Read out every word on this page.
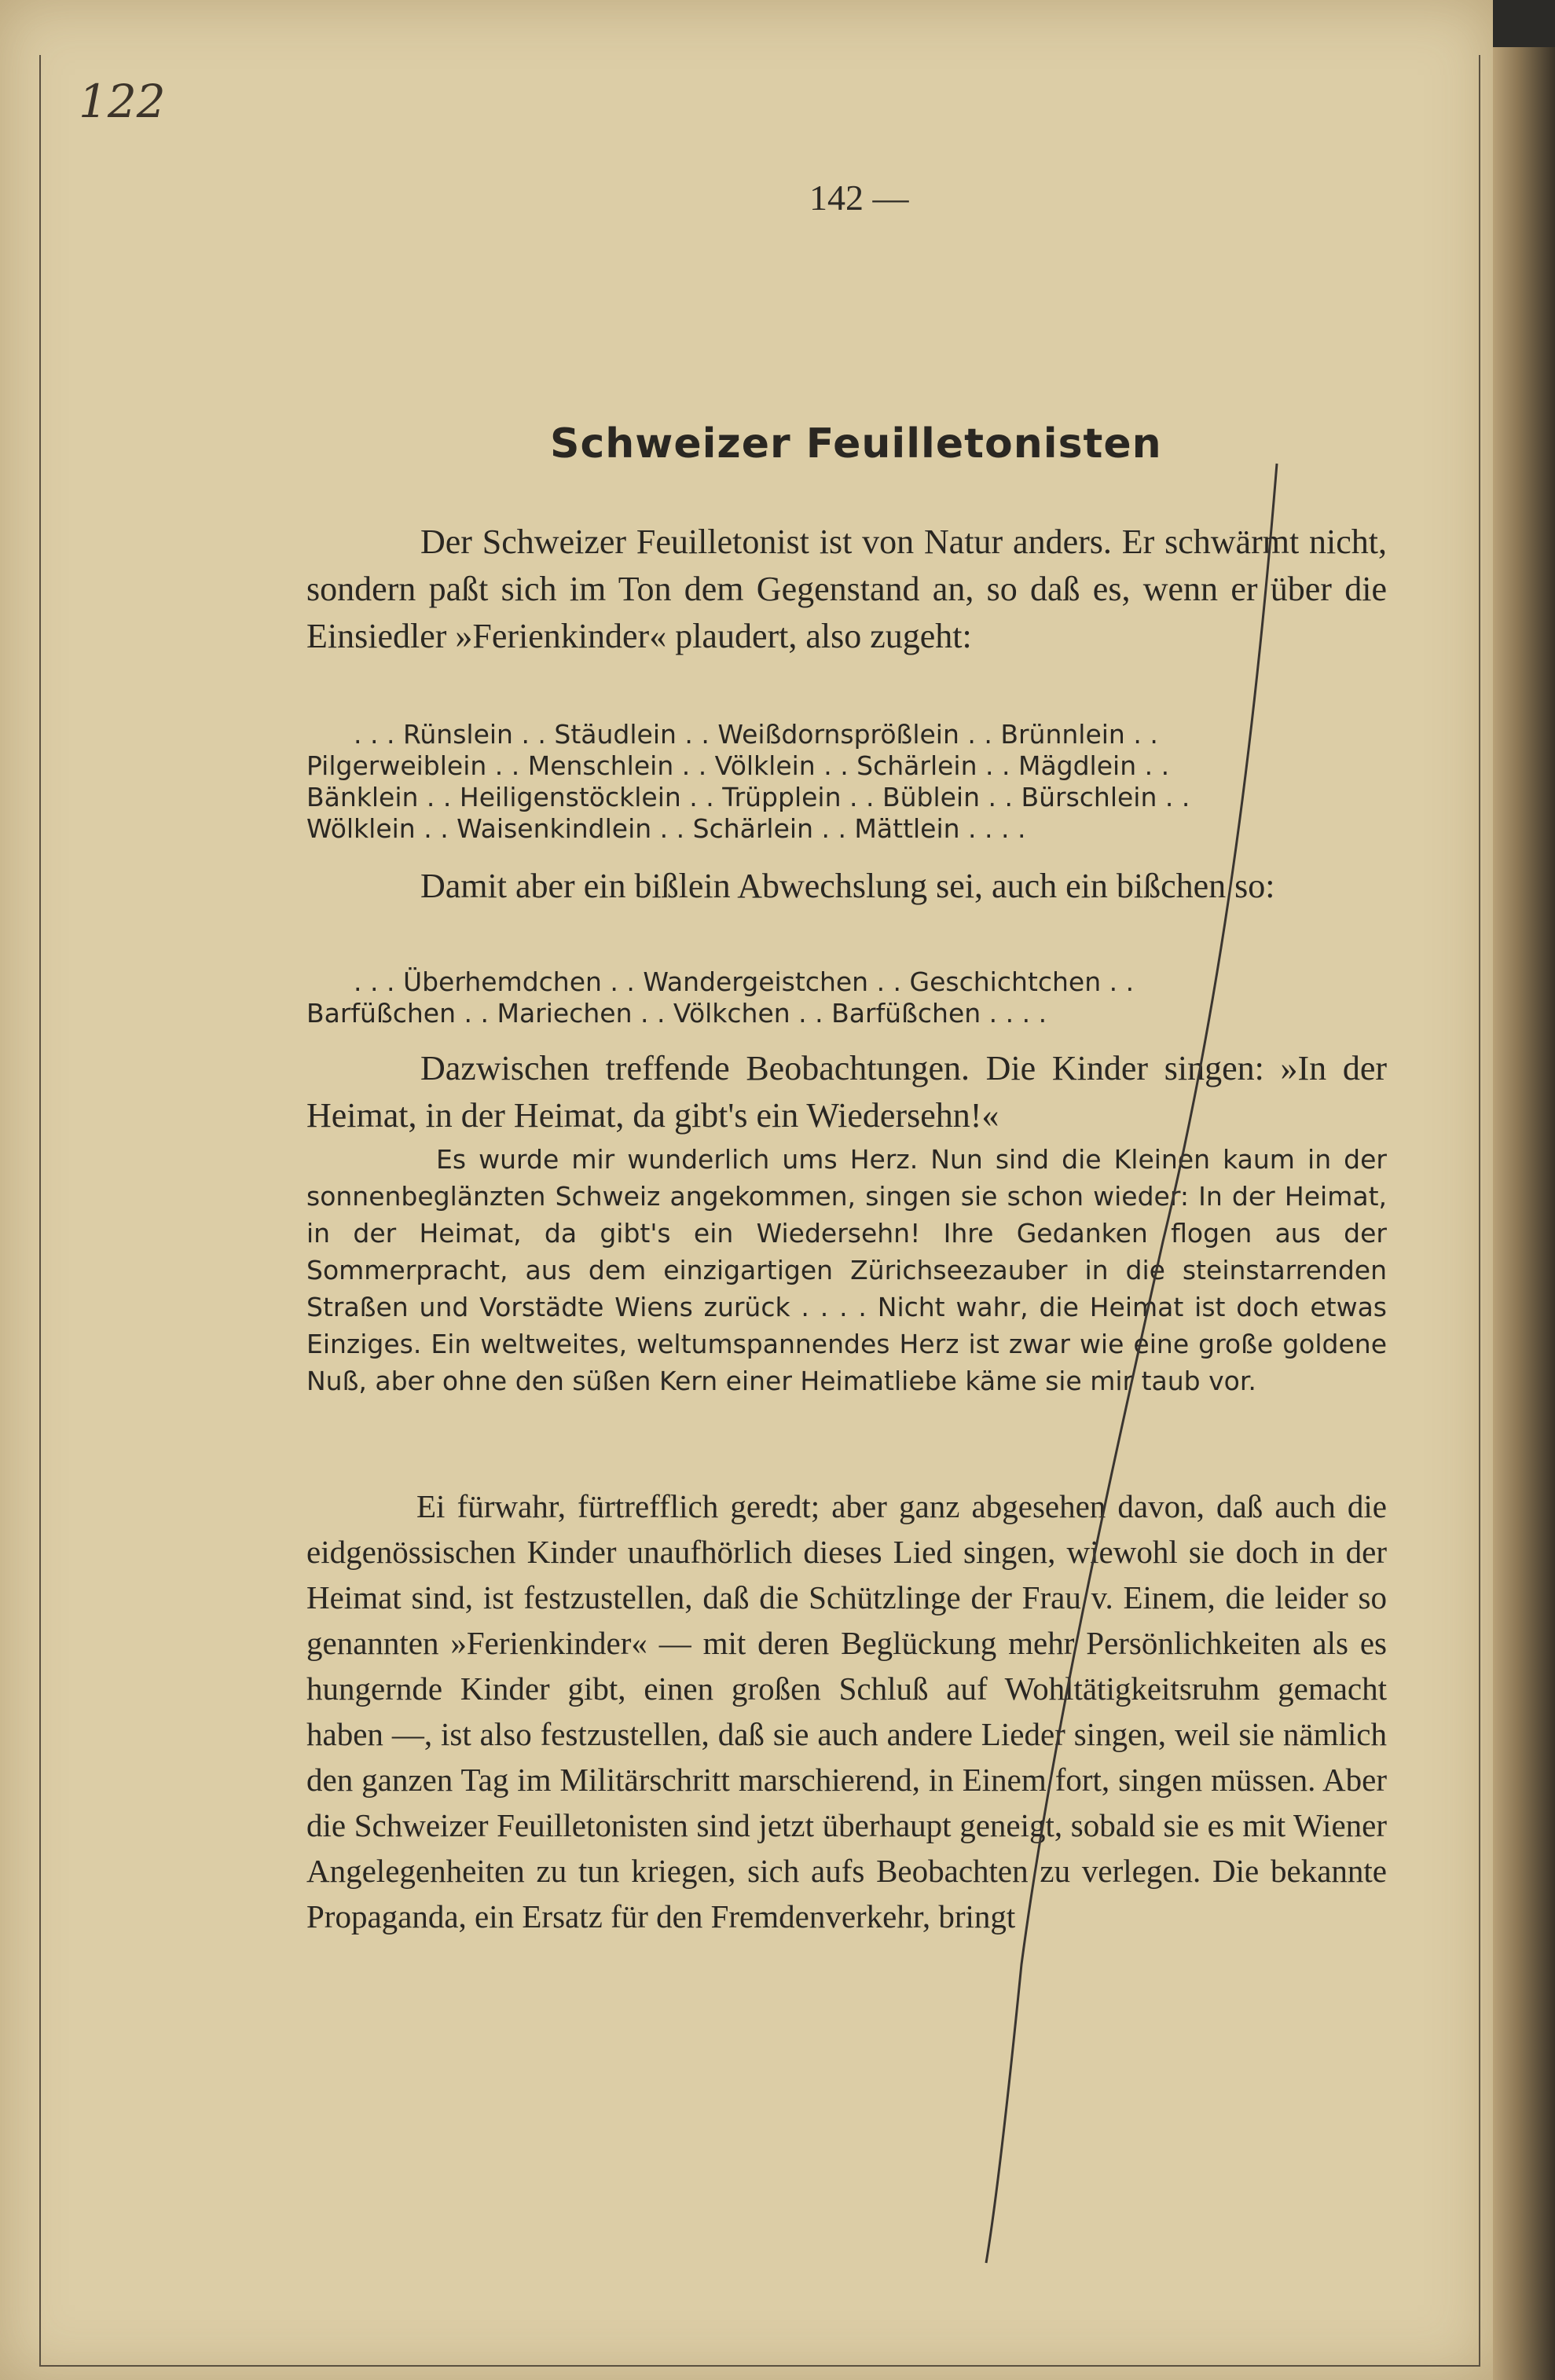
122
142 —
Schweizer Feuilletonisten

Der Schweizer Feuilletonist ist von Natur anders. Er schwärmt nicht, sondern paßt sich im Ton dem Gegenstand an, so daß es, wenn er über die Einsiedler »Ferienkinder« plaudert, also zugeht:

. . . Rünslein . . Stäudlein . . Weißdornsprößlein . . Brünnlein . .
Pilgerweiblein . . Menschlein . . Völklein . . Schärlein . . Mägdlein . .
Bänklein . . Heiligenstöcklein . . Trüpplein . . Büblein . . Bürschlein . .
Wölklein . . Waisenkindlein . . Schärlein . . Mättlein . . . .

Damit aber ein bißlein Abwechslung sei, auch ein bißchen so:

. . . Überhemdchen . . Wandergeistchen . . Geschichtchen . .
Barfüßchen . . Mariechen . . Völkchen . . Barfüßchen . . . .

Dazwischen treffende Beobachtungen. Die Kinder singen: »In der Heimat, in der Heimat, da gibt's ein Wiedersehn!«

Es wurde mir wunderlich ums Herz. Nun sind die Kleinen kaum in der sonnenbeglänzten Schweiz angekommen, singen sie schon wieder: In der Heimat, in der Heimat, da gibt's ein Wiedersehn! Ihre Gedanken flogen aus der Sommerpracht, aus dem einzigartigen Zürichseezauber in die steinstarrenden Straßen und Vorstädte Wiens zurück . . . . Nicht wahr, die Heimat ist doch etwas Einziges. Ein weltweites, weltumspannendes Herz ist zwar wie eine große goldene Nuß, aber ohne den süßen Kern einer Heimatliebe käme sie mir taub vor.

Ei fürwahr, fürtrefflich geredt; aber ganz abgesehen davon, daß auch die eidgenössischen Kinder unaufhörlich dieses Lied singen, wiewohl sie doch in der Heimat sind, ist festzustellen, daß die Schützlinge der Frau v. Einem, die leider so genannten »Ferienkinder« — mit deren Beglückung mehr Persönlichkeiten als es hungernde Kinder gibt, einen großen Schluß auf Wohltätigkeitsruhm gemacht haben —, ist also festzustellen, daß sie auch andere Lieder singen, weil sie nämlich den ganzen Tag im Militärschritt marschierend, in Einem fort, singen müssen. Aber die Schweizer Feuilletonisten sind jetzt überhaupt geneigt, sobald sie es mit Wiener Angelegenheiten zu tun kriegen, sich aufs Beobachten zu verlegen. Die bekannte Propaganda, ein Ersatz für den Fremdenverkehr, bringt
